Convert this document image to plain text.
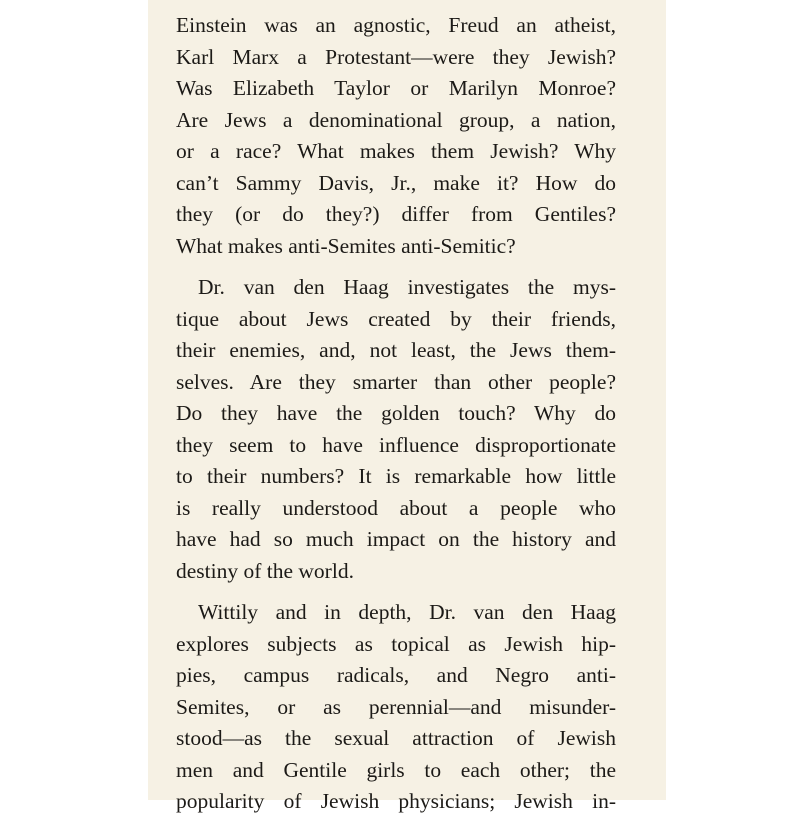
Einstein was an agnostic, Freud an atheist,
Karl Marx a Protestant—were they Jewish?
Was Elizabeth Taylor or Marilyn Monroe?
Are Jews a denominational group, a nation,
or a race? What makes them Jewish? Why
can’t Sammy Davis, Jr., make it? How do
they (or do they?) differ from Gentiles?
What makes anti-Semites anti-Semitic?

Dr. van den Haag investigates the mys-
tique about Jews created by their friends,
their enemies, and, not least, the Jews them-
selves. Are they smarter than other people?
Do they have the golden touch? Why do
they seem to have influence disproportionate
to their numbers? It is remarkable how little
is really understood about a people who
have had so much impact on the history and
destiny of the world.

Wittily and in depth, Dr. van den Haag
explores subjects as topical as Jewish hip-
pies, campus radicals, and Negro anti-
Semites, or as perennial—and misunder-
stood—as the sexual attraction of Jewish
men and Gentile girls to each other; the
popularity of Jewish physicians; Jewish in-
